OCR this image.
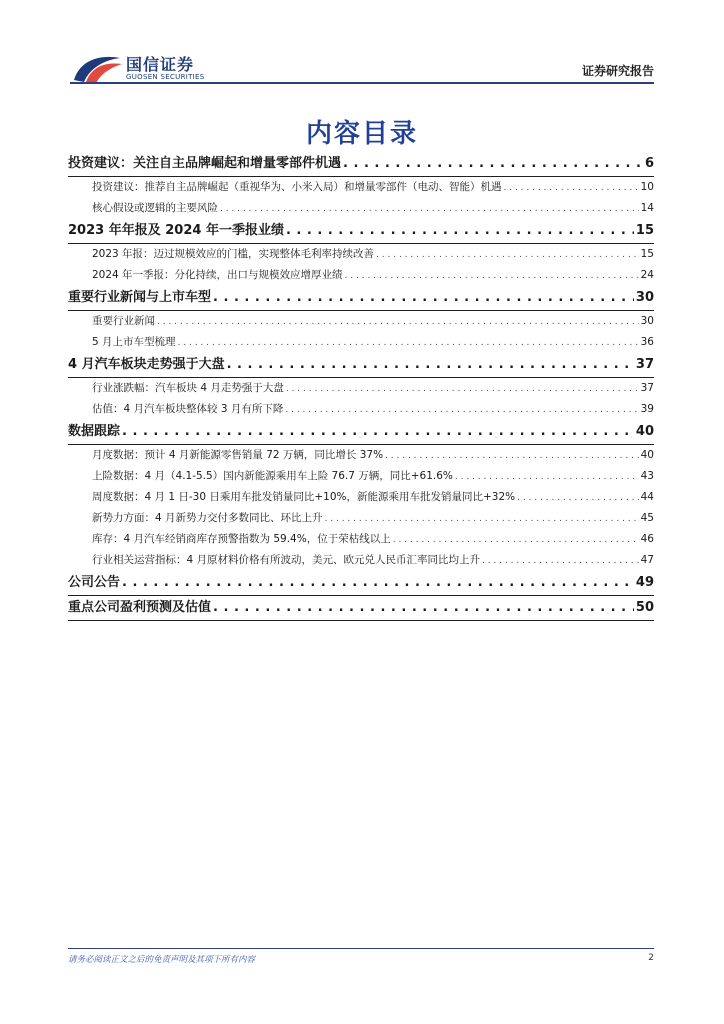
国信证券
GUOSEN SECURITIES	证券研究报告
内容目录
投资建议：关注自主品牌崛起和增量零部件机遇 . . .	6
投资建议：推荐自主品牌崛起（重视华为、小米入局）和增量零部件（电动、智能）机遇 . . .	10
核心假设或逻辑的主要风险 . . .	14
2023 年年报及 2024 年一季报业绩 . . .	15
2023 年报：迈过规模效应的门槛，实现整体毛利率持续改善 . . .	15
2024 年一季报：分化持续，出口与规模效应增厚业绩 . . .	24
重要行业新闻与上市车型 . . .	30
重要行业新闻 . . .	30
5 月上市车型梳理 . . .	36
4 月汽车板块走势强于大盘 . . .	37
行业涨跌幅：汽车板块 4 月走势强于大盘 . . .	37
估值：4 月汽车板块整体较 3 月有所下降 . . .	39
数据跟踪 . . .	40
月度数据：预计 4 月新能源零售销量 72 万辆，同比增长 37% . . .	40
上险数据：4 月（4.1-5.5）国内新能源乘用车上险 76.7 万辆，同比+61.6% . . .	43
周度数据：4 月 1 日-30 日乘用车批发销量同比+10%，新能源乘用车批发销量同比+32% . . .	44
新势力方面：4 月新势力交付多数同比、环比上升 . . .	45
库存：4 月汽车经销商库存预警指数为 59.4%，位于荣枯线以上 . . .	46
行业相关运营指标：4 月原材料价格有所波动，美元、欧元兑人民币汇率同比均上升 . . .	47
公司公告 . . .	49
重点公司盈利预测及估值 . . .	50
请务必阅读正文之后的免责声明及其项下所有内容	2
